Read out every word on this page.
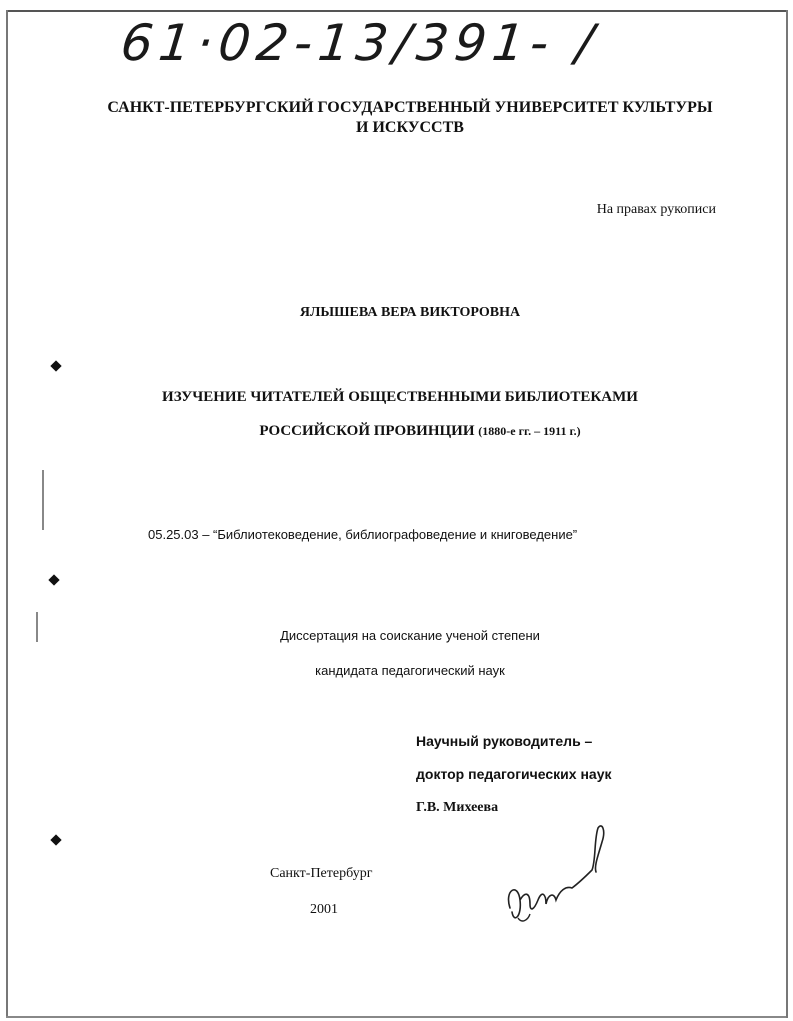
61·02-13/391- /
САНКТ-ПЕТЕРБУРГСКИЙ ГОСУДАРСТВЕННЫЙ УНИВЕРСИТЕТ КУЛЬТУРЫ И ИСКУССТВ
На правах рукописи
ЯЛЫШЕВА ВЕРА ВИКТОРОВНА
ИЗУЧЕНИЕ ЧИТАТЕЛЕЙ ОБЩЕСТВЕННЫМИ БИБЛИОТЕКАМИ
РОССИЙСКОЙ ПРОВИНЦИИ (1880-е гг. – 1911 г.)
05.25.03 – “Библиотековедение, библиографоведение и книговедение”
Диссертация на соискание ученой степени
кандидата педагогический наук
Научный руководитель –
доктор педагогических наук
Г.В. Михеева
Санкт-Петербург
2001
